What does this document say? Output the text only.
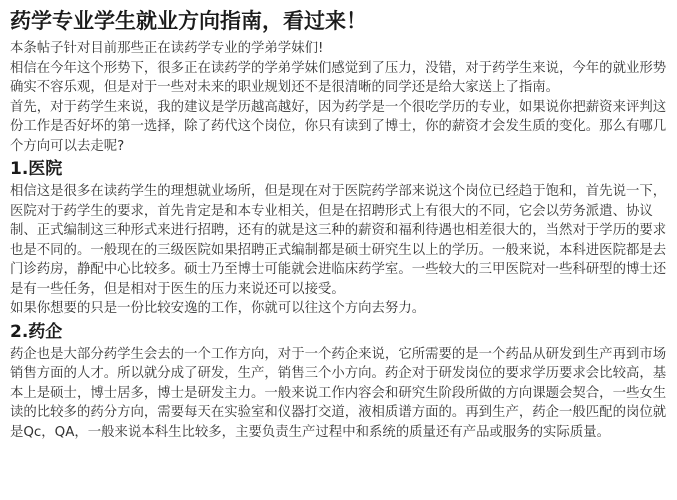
药学专业学生就业方向指南，看过来！

本条帖子针对目前那些正在读药学专业的学弟学妹们!

相信在今年这个形势下，很多正在读药学的学弟学妹们感觉到了压力，没错，对于药学生来说，今年的就业形势确实不容乐观，但是对于一些对未来的职业规划还不是很清晰的同学还是给大家送上了指南。

首先，对于药学生来说，我的建议是学历越高越好，因为药学是一个很吃学历的专业，如果说你把薪资来评判这份工作是否好坏的第一选择，除了药代这个岗位，你只有读到了博士，你的薪资才会发生质的变化。那么有哪几个方向可以去走呢?

1.医院

相信这是很多在读药学生的理想就业场所，但是现在对于医院药学部来说这个岗位已经趋于饱和，首先说一下，医院对于药学生的要求，首先肯定是和本专业相关，但是在招聘形式上有很大的不同，它会以劳务派遣、协议制、正式编制这三种形式来进行招聘，还有的就是这三种的薪资和福利待遇也相差很大的，当然对于学历的要求也是不同的。一般现在的三级医院如果招聘正式编制都是硕士研究生以上的学历。一般来说，本科进医院都是去门诊药房，静配中心比较多。硕士乃至博士可能就会进临床药学室。一些较大的三甲医院对一些科研型的博士还是有一些任务，但是相对于医生的压力来说还可以接受。

如果你想要的只是一份比较安逸的工作，你就可以往这个方向去努力。

2.药企

药企也是大部分药学生会去的一个工作方向，对于一个药企来说，它所需要的是一个药品从研发到生产再到市场销售方面的人才。所以就分成了研发，生产，销售三个小方向。药企对于研发岗位的要求学历要求会比较高，基本上是硕士，博士居多，博士是研发主力。一般来说工作内容会和研究生阶段所做的方向课题会契合，一些女生读的比较多的药分方向，需要每天在实验室和仪器打交道，液相质谱方面的。再到生产，药企一般匹配的岗位就是Qc，QA，一般来说本科生比较多，主要负责生产过程中和系统的质量还有产品或服务的实际质量。
